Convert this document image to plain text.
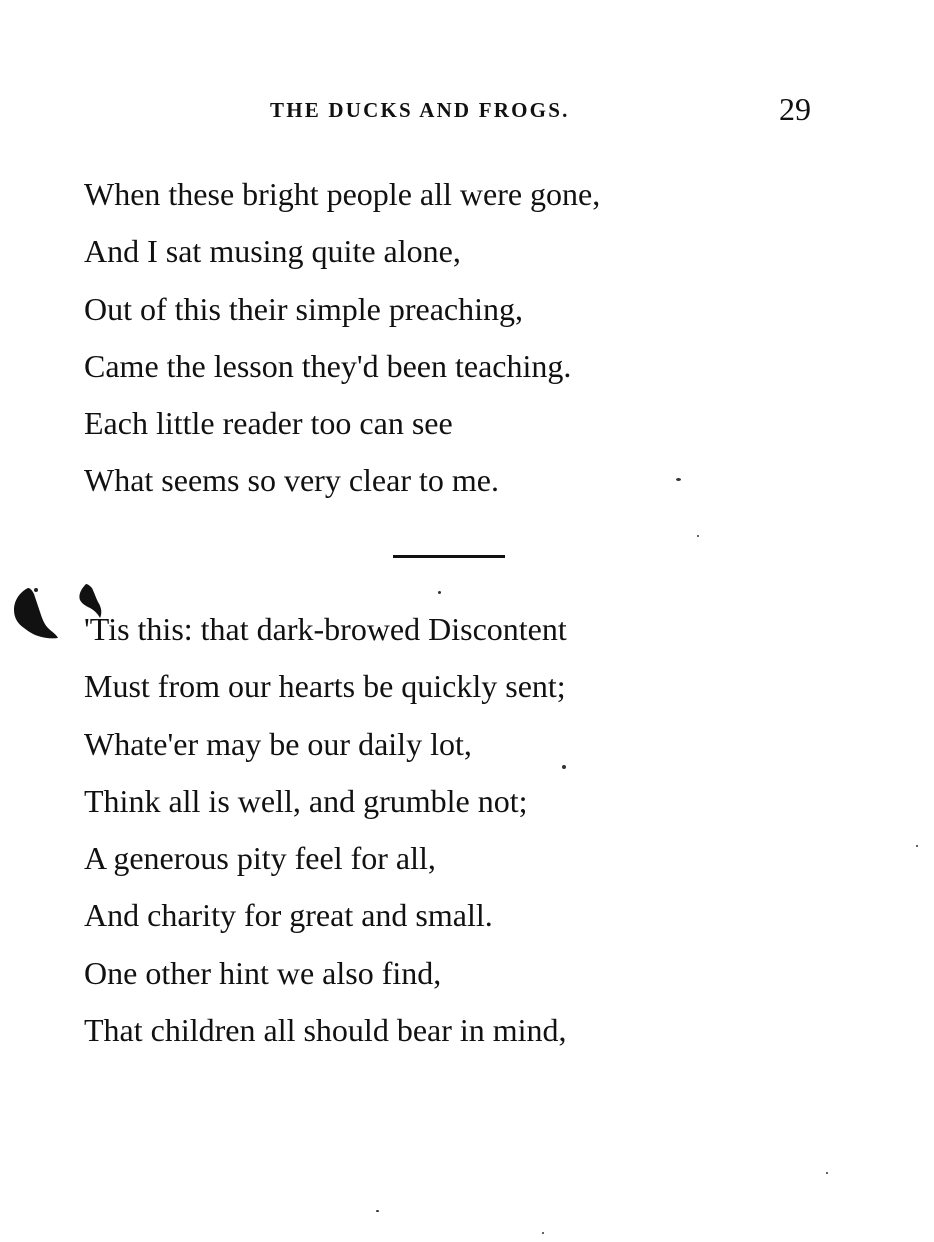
THE DUCKS AND FROGS.	29
When these bright people all were gone,
And I sat musing quite alone,
Out of this their simple preaching,
Came the lesson they'd been teaching.
Each little reader too can see
What seems so very clear to me.
'Tis this: that dark-browed Discontent
Must from our hearts be quickly sent;
Whate'er may be our daily lot,
Think all is well, and grumble not;
A generous pity feel for all,
And charity for great and small.
One other hint we also find,
That children all should bear in mind,
